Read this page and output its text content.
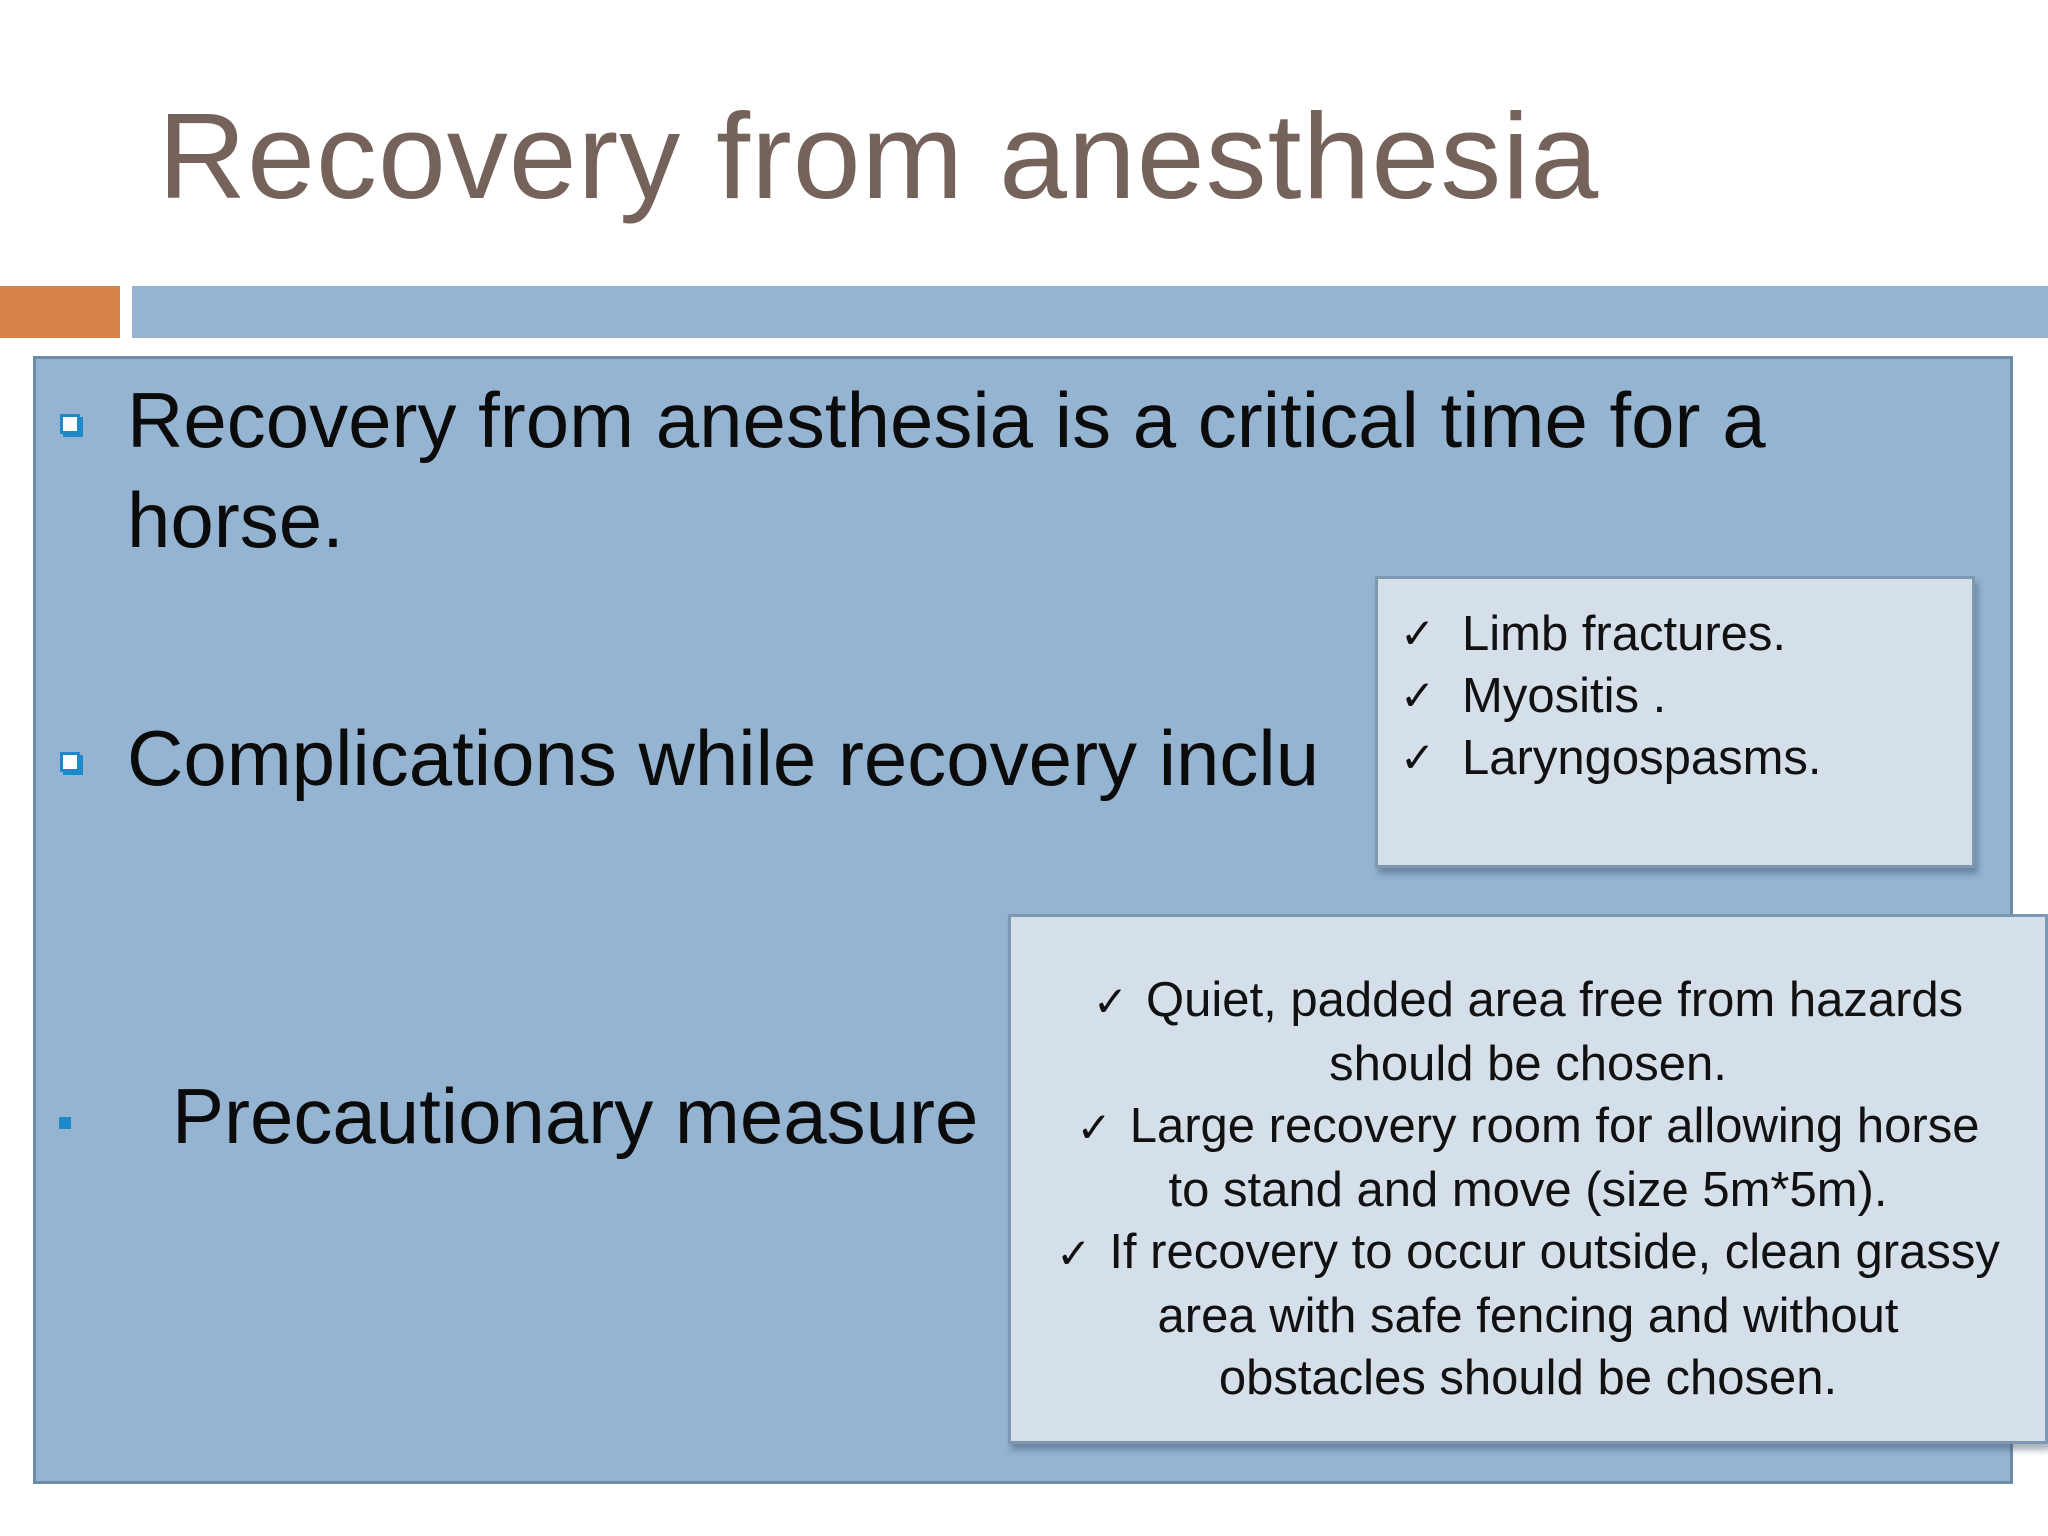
Recovery from anesthesia
Recovery from anesthesia is a critical time for a
horse.
Complications while recovery inclu
Precautionary measure
✓ Limb fractures.
✓ Myositis .
✓ Laryngospasms.
✓ Quiet, padded area free from hazards
should be chosen.
✓ Large recovery room for allowing horse
to stand and move (size 5m*5m).
✓ If recovery to occur outside, clean grassy
area with safe fencing and without
obstacles should be chosen.
